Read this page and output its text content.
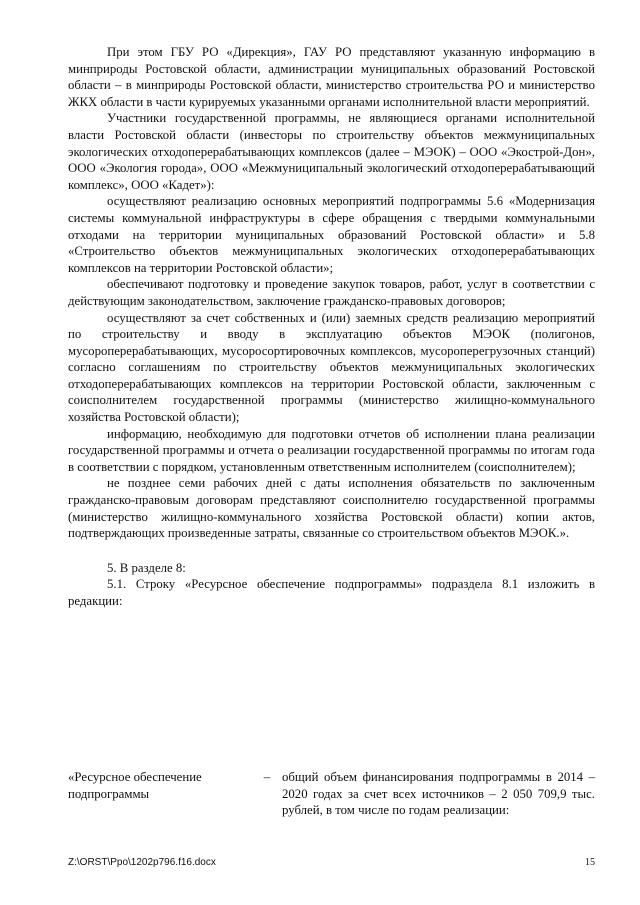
При этом ГБУ РО «Дирекция», ГАУ РО представляют указанную информацию в минприроды Ростовской области, администрации муниципальных образований Ростовской области – в минприроды Ростовской области, министерство строительства РО и министерство ЖКХ области в части курируемых указанными органами исполнительной власти мероприятий.

Участники государственной программы, не являющиеся органами исполнительной власти Ростовской области (инвесторы по строительству объектов межмуниципальных экологических отходоперерабатывающих комплексов (далее – МЭОК) – ООО «Экострой-Дон», ООО «Экология города», ООО «Межмуниципальный экологический отходоперерабатывающий комплекс», ООО «Кадет»):

осуществляют реализацию основных мероприятий подпрограммы 5.6 «Модернизация системы коммунальной инфраструктуры в сфере обращения с твердыми коммунальными отходами на территории муниципальных образований Ростовской области» и 5.8 «Строительство объектов межмуниципальных экологических отходоперерабатывающих комплексов на территории Ростовской области»;

обеспечивают подготовку и проведение закупок товаров, работ, услуг в соответствии с действующим законодательством, заключение гражданско-правовых договоров;

осуществляют за счет собственных и (или) заемных средств реализацию мероприятий по строительству и вводу в эксплуатацию объектов МЭОК (полигонов, мусороперерабатывающих, мусоросортировочных комплексов, мусороперегрузочных станций) согласно соглашениям по строительству объектов межмуниципальных экологических отходоперерабатывающих комплексов на территории Ростовской области, заключенным с соисполнителем государственной программы (министерство жилищно-коммунального хозяйства Ростовской области);

информацию, необходимую для подготовки отчетов об исполнении плана реализации государственной программы и отчета о реализации государственной программы по итогам года в соответствии с порядком, установленным ответственным исполнителем (соисполнителем);

не позднее семи рабочих дней с даты исполнения обязательств по заключенным гражданско-правовым договорам представляют соисполнителю государственной программы (министерство жилищно-коммунального хозяйства Ростовской области) копии актов, подтверждающих произведенные затраты, связанные со строительством объектов МЭОК.».

5. В разделе 8:

5.1. Строку «Ресурсное обеспечение подпрограммы» подраздела 8.1 изложить в редакции:

«Ресурсное обеспечение подпрограммы
– общий объем финансирования подпрограммы в 2014 – 2020 годах за счет всех источников – 2 050 709,9 тыс. рублей, в том числе по годам реализации:
Z:\ORST\Ppo\1202p796.f16.docx	15
